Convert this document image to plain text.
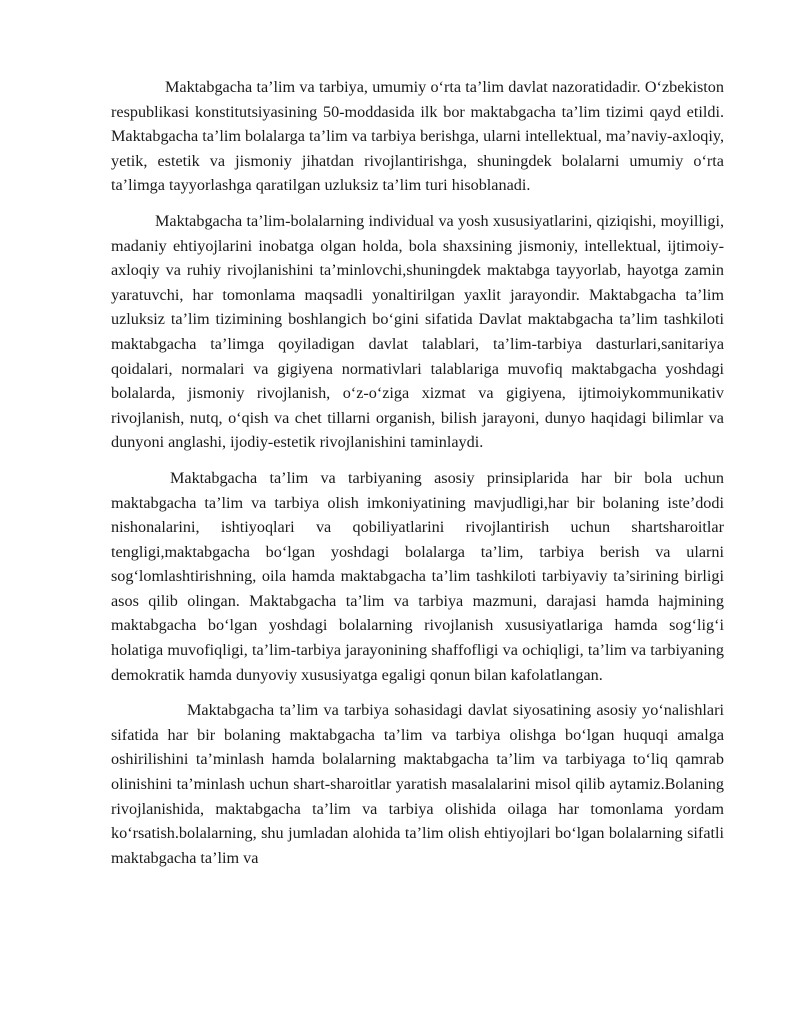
Maktabgacha ta’lim va tarbiya, umumiy o‘rta ta’lim davlat nazoratidadir. O‘zbekiston respublikasi konstitutsiyasining 50-moddasida ilk bor maktabgacha ta’lim tizimi qayd etildi. Maktabgacha ta’lim bolalarga ta’lim va tarbiya berishga, ularni intellektual, ma’naviy-axloqiy, yetik, estetik va jismoniy jihatdan rivojlantirishga, shuningdek bolalarni umumiy o‘rta ta’limga tayyorlashga qaratilgan uzluksiz ta’lim turi hisoblanadi.

Maktabgacha ta’lim-bolalarning individual va yosh xususiyatlarini, qiziqishi, moyilligi, madaniy ehtiyojlarini inobatga olgan holda, bola shaxsining jismoniy, intellektual, ijtimoiy-axloqiy va ruhiy rivojlanishini ta’minlovchi,shuningdek maktabga tayyorlab, hayotga zamin yaratuvchi, har tomonlama maqsadli yonaltirilgan yaxlit jarayondir. Maktabgacha ta’lim uzluksiz ta’lim tizimining boshlangich bo‘gini sifatida Davlat maktabgacha ta’lim tashkiloti maktabgacha ta’limga qoyiladigan davlat talablari, ta’lim-tarbiya dasturlari,sanitariya qoidalari, normalari va gigiyena normativlari talablariga muvofiq maktabgacha yoshdagi bolalarda, jismoniy rivojlanish, o‘z-o‘ziga xizmat va gigiyena, ijtimoiykommunikativ rivojlanish, nutq, o‘qish va chet tillarni organish, bilish jarayoni, dunyo haqidagi bilimlar va dunyoni anglashi, ijodiy-estetik rivojlanishini taminlaydi.

Maktabgacha ta’lim va tarbiyaning asosiy prinsiplarida har bir bola uchun maktabgacha ta’lim va tarbiya olish imkoniyatining mavjudligi,har bir bolaning iste’dodi nishonalarini, ishtiyoqlari va qobiliyatlarini rivojlantirish uchun shartsharoitlar tengligi,maktabgacha bo‘lgan yoshdagi bolalarga ta’lim, tarbiya berish va ularni sog‘lomlashtirishning, oila hamda maktabgacha ta’lim tashkiloti tarbiyaviy ta’sirining birligi asos qilib olingan. Maktabgacha ta’lim va tarbiya mazmuni, darajasi hamda hajmining maktabgacha bo‘lgan yoshdagi bolalarning rivojlanish xususiyatlariga hamda sog‘lig‘i holatiga muvofiqligi, ta’lim-tarbiya jarayonining shaffofligi va ochiqligi, ta’lim va tarbiyaning demokratik hamda dunyoviy xususiyatga egaligi qonun bilan kafolatlangan.

Maktabgacha ta’lim va tarbiya sohasidagi davlat siyosatining asosiy yo‘nalishlari sifatida har bir bolaning maktabgacha ta’lim va tarbiya olishga bo‘lgan huquqi amalga oshirilishini ta’minlash hamda bolalarning maktabgacha ta’lim va tarbiyaga to‘liq qamrab olinishini ta’minlash uchun shart-sharoitlar yaratish masalalarini misol qilib aytamiz.Bolaning rivojlanishida, maktabgacha ta’lim va tarbiya olishida oilaga har tomonlama yordam ko‘rsatish.bolalarning, shu jumladan alohida ta’lim olish ehtiyojlari bo‘lgan bolalarning sifatli maktabgacha ta’lim va
